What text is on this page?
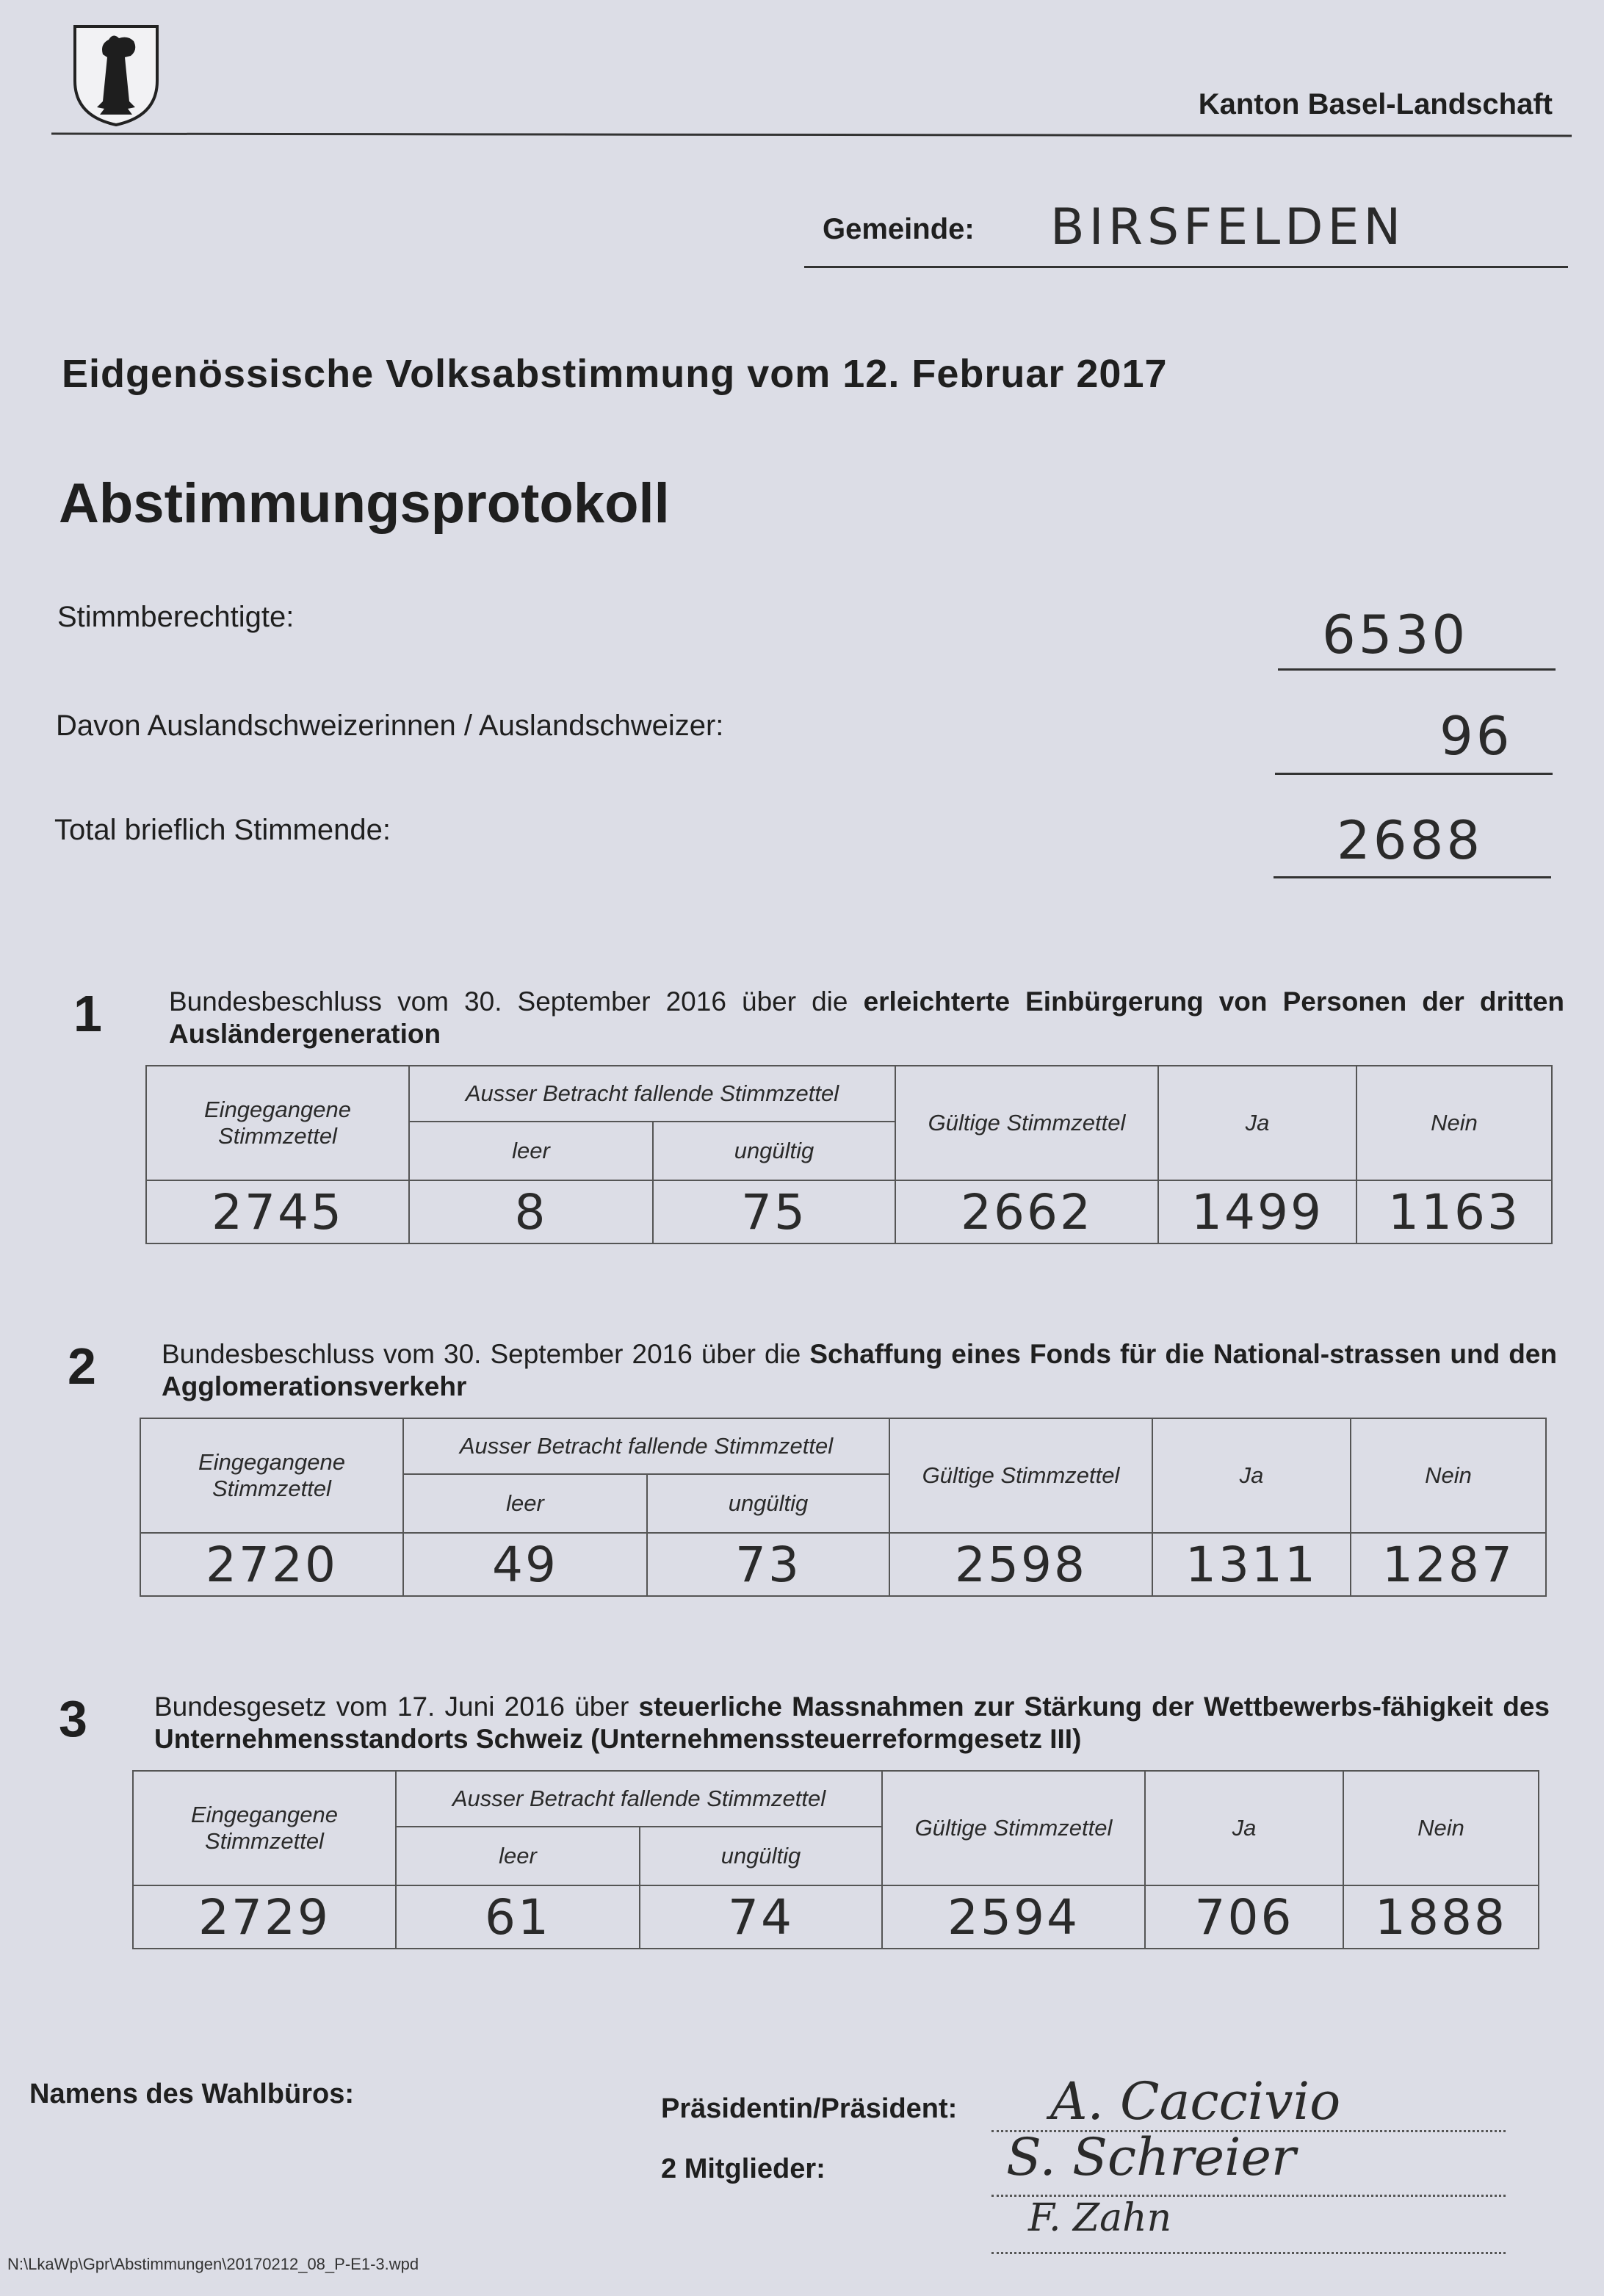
Kanton Basel-Landschaft
Gemeinde: BIRSFELDEN
Eidgenössische Volksabstimmung vom 12. Februar 2017
Abstimmungsprotokoll
Stimmberechtigte:	6530
Davon Auslandschweizerinnen / Auslandschweizer:	96
Total brieflich Stimmende:	2688
1 Bundesbeschluss vom 30. September 2016 über die erleichterte Einbürgerung von Personen der dritten Ausländergeneration
Eingegangene Stimmzettel	Ausser Betracht fallende Stimmzettel		Gültige Stimmzettel	Ja	Nein
	leer	ungültig			
2745	8	75	2662	1499	1163
2 Bundesbeschluss vom 30. September 2016 über die Schaffung eines Fonds für die National-strassen und den Agglomerationsverkehr
Eingegangene Stimmzettel	Ausser Betracht fallende Stimmzettel		Gültige Stimmzettel	Ja	Nein
	leer	ungültig			
2720	49	73	2598	1311	1287
3 Bundesgesetz vom 17. Juni 2016 über steuerliche Massnahmen zur Stärkung der Wettbewerbs-fähigkeit des Unternehmensstandorts Schweiz (Unternehmenssteuerreformgesetz III)
Eingegangene Stimmzettel	Ausser Betracht fallende Stimmzettel		Gültige Stimmzettel	Ja	Nein
	leer	ungültig			
2729	61	74	2594	706	1888
Namens des Wahlbüros:	Präsidentin/Präsident: A. Caccivio
2 Mitglieder:	S. Schreier
F. Zahn
N:\LkaWp\Gpr\Abstimmungen\20170212_08_P-E1-3.wpd
